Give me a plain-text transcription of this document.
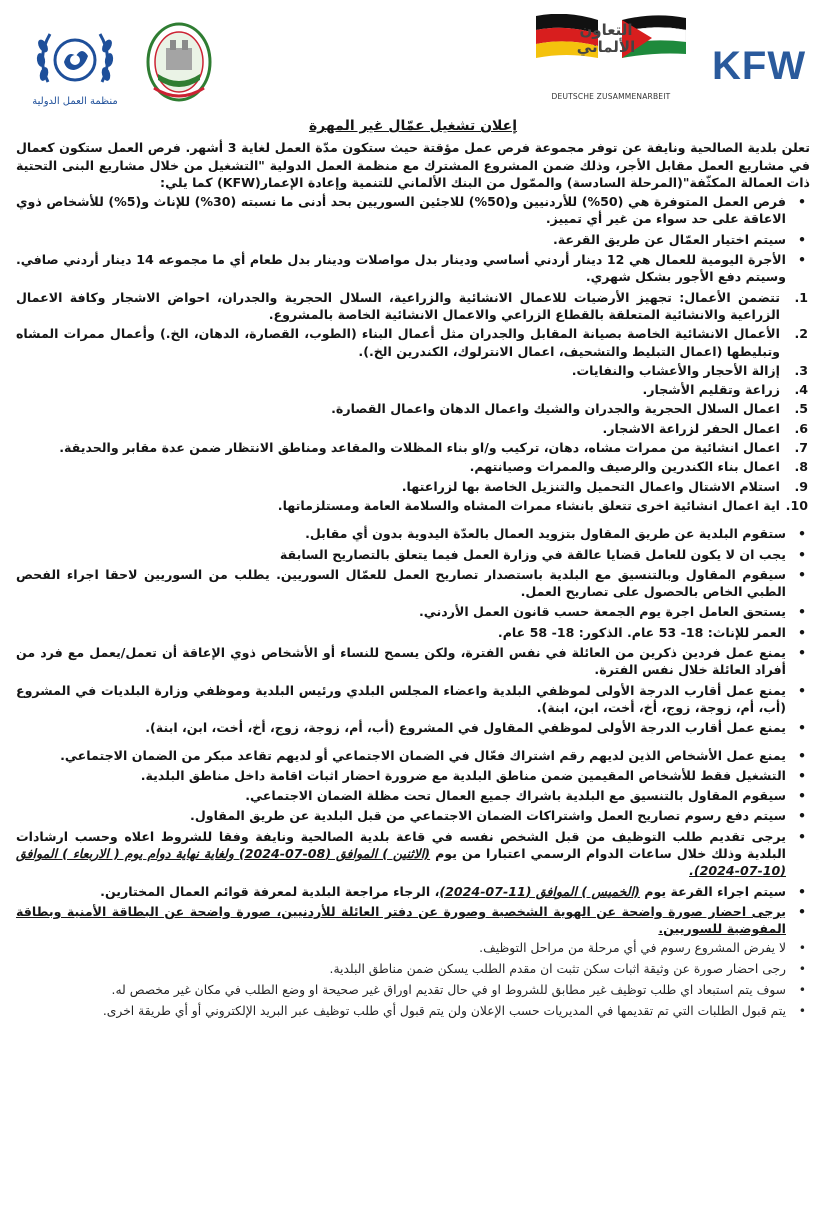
KFW
التعاون
الألماني
DEUTSCHE ZUSAMMENARBEIT
منظمة العمل الدولية
إعلان تشغيل عمّال غير المهرة

تعلن بلدية الصالحية ونايفة عن توفر مجموعة فرص عمل مؤقتة حيث ستكون مدّة العمل لغاية 3 أشهر. فرص العمل ستكون كعمال في مشاريع العمل مقابل الأجر، وذلك ضمن المشروع المشترك مع منظمة العمل الدولية "التشغيل من خلال مشاريع البنى التحتية ذات العمالة المكثّفة"(المرحلة السادسة) والممّول من البنك الألماني للتنمية وإعادة الإعمار(KFW) كما يلي:

• فرص العمل المتوفرة هي (50%) للأردنيين و(50%) للاجئين السوريين بحد أدنى ما نسبته (30%) للإناث و(5%) للأشخاص ذوي الاعاقة على حد سواء من غير أي تمييز.
• سيتم اختيار العمّال عن طريق القرعة.
• الأجرة اليومية للعمال هي 12 دينار أردني أساسي ودينار بدل مواصلات ودينار بدل طعام أي ما مجموعه 14 دينار أردني صافي. وسيتم دفع الأجور بشكل شهري.
1.
تتضمن الأعمال: تجهيز الأرضيات للاعمال الانشائية والزراعية، السلال الحجرية والجدران، احواض الاشجار وكافة الاعمال الزراعية والانشائية المتعلقة بالقطاع الزراعي والاعمال الانشائية الخاصة بالمشروع.
2.
الأعمال الانشائية الخاصة بصيانة المقابل والجدران مثل أعمال البناء (الطوب، القصارة، الدهان، الخ.) وأعمال ممرات المشاه وتبليطها (اعمال التبليط والتشحيف، اعمال الانترلوك، الكندرين الخ.).
3.
إزالة الأحجار والأعشاب والنفايات.
4.
زراعة وتقليم الأشجار.
5.
اعمال السلال الحجرية والجدران والشيك واعمال الدهان واعمال القصارة.
6.
اعمال الحفر لزراعة الاشجار.
7.
اعمال انشائية من ممرات مشاه، دهان، تركيب و/او بناء المظلات والمقاعد ومناطق الانتظار ضمن عدة مقابر والحديقة.
8.
اعمال بناء الكندرين والرصيف والممرات وصيانتهم.
9.
استلام الاشتال واعمال التحميل والتنزيل الخاصة بها لزراعتها.
10.
اية اعمال انشائية اخرى تتعلق بانشاء ممرات المشاه والسلامة العامة ومستلزماتها.
• ستقوم البلدية عن طريق المقاول بتزويد العمال بالعدّة اليدوية بدون أي مقابل.
• يجب ان لا يكون للعامل قضايا عالقة في وزارة العمل فيما يتعلق بالتصاريح السابقة
• سيقوم المقاول وبالتنسيق مع البلدية باستصدار تصاريح العمل للعمّال السوريين. يطلب من السوريين لاحقا اجراء الفحص الطبي الخاص بالحصول على تصاريح العمل.
• يستحق العامل اجرة يوم الجمعة حسب قانون العمل الأردني.
• العمر للإناث: 18- 53 عام. الذكور: 18- 58 عام.
• يمنع عمل فردين ذكرين من العائلة في نفس الفترة، ولكن يسمح للنساء أو الأشخاص ذوي الإعاقة أن تعمل/يعمل مع فرد من أفراد العائلة خلال نفس الفترة.
• يمنع عمل أقارب الدرجة الأولى لموظفي البلدية واعضاء المجلس البلدي ورئيس البلدية وموظفي وزارة البلديات في المشروع (أب، أم، زوجة، زوج، أخ، أخت، ابن، ابنة).
• يمنع عمل أقارب الدرجة الأولى لموظفي المقاول في المشروع (أب، أم، زوجة، زوج، أخ، أخت، ابن، ابنة).
• يمنع عمل الأشخاص الذين لديهم رقم اشتراك فعّال في الضمان الاجتماعي أو لديهم تقاعد مبكر من الضمان الاجتماعي.
• التشغيل فقط للأشخاص المقيمين ضمن مناطق البلدية مع ضرورة احضار اثبات اقامة داخل مناطق البلدية.
• سيقوم المقاول بالتنسيق مع البلدية باشراك جميع العمال تحت مظلة الضمان الاجتماعي.
• سيتم دفع رسوم تصاريح العمل واشتراكات الضمان الاجتماعي من قبل البلدية عن طريق المقاول.
• يرجى تقديم طلب التوظيف من قبل الشخص نفسه في قاعة بلدية الصالحية ونايفة وفقا للشروط اعلاه وحسب ارشادات البلدية وذلك خلال ساعات الدوام الرسمي اعتبارا من يوم (الاثنين ) الموافق (08-07-2024) ولغاية نهاية دوام يوم ( الاربعاء ) الموافق (10-07-2024).
• سيتم اجراء القرعة يوم (الخميس ) الموافق (11-07-2024)، الرجاء مراجعة البلدية لمعرفة قوائم العمال المختارين.
• يرجى احضار صورة واضحة عن الهوية الشخصية وصورة عن دفتر العائلة للأردنيين، صورة واضحة عن البطاقة الأمنية وبطاقة المفوضية للسوريين.
• لا يفرض المشروع رسوم في أي مرحلة من مراحل التوظيف.
• رجى احضار صورة عن وثيقة اثبات سكن تثبت ان مقدم الطلب يسكن ضمن مناطق البلدية.
• سوف يتم استبعاد اي طلب توظيف غير مطابق للشروط او في حال تقديم اوراق غير صحيحة او وضع الطلب في مكان غير مخصص له.
• يتم قبول الطلبات التي تم تقديمها في المديريات حسب الإعلان ولن يتم قبول أي طلب توظيف عبر البريد الإلكتروني أو أي طريقة اخرى.
